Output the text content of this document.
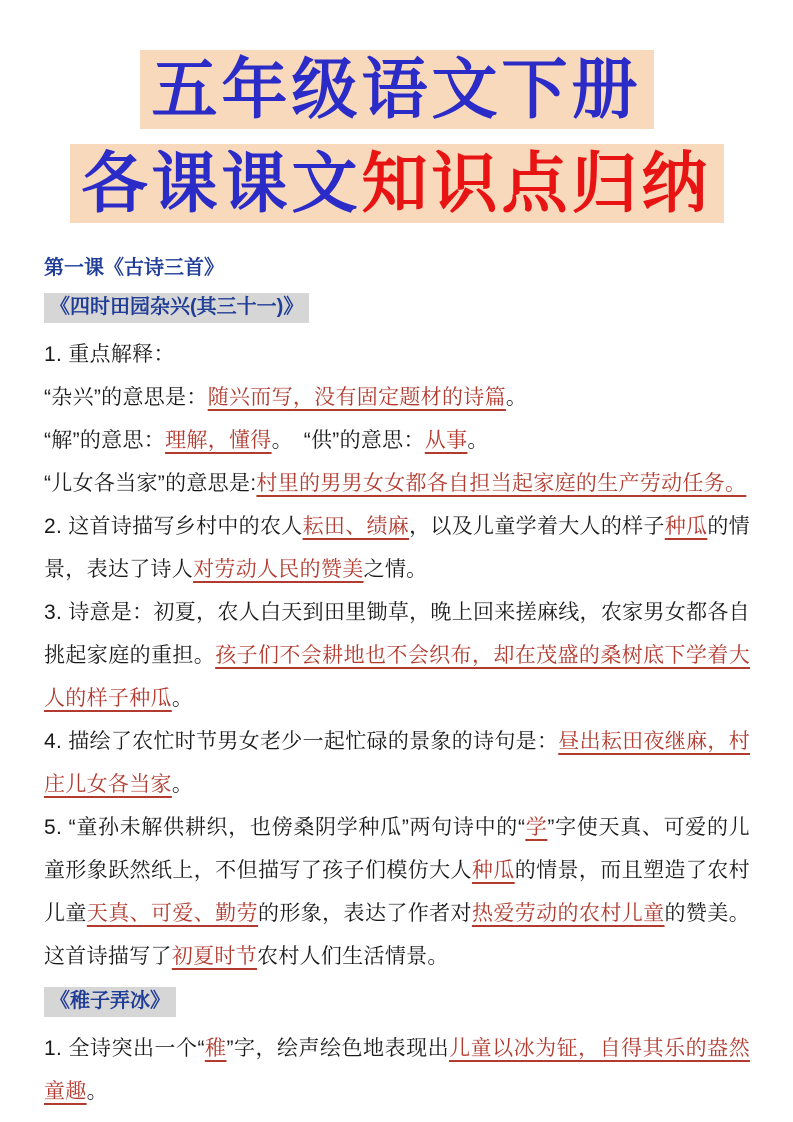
五年级语文下册
各课课文知识点归纳
第一课《古诗三首》
《四时田园杂兴(其三十一)》

1. 重点解释：

“杂兴”的意思是：随兴而写，没有固定题材的诗篇。

“解”的意思：理解，懂得。　“供”的意思：从事。

“儿女各当家”的意思是:村里的男男女女都各自担当起家庭的生产劳动任务。

2. 这首诗描写乡村中的农人耘田、绩麻，以及儿童学着大人的样子种瓜的情景，表达了诗人对劳动人民的赞美之情。

3. 诗意是：初夏，农人白天到田里锄草，晚上回来搓麻线，农家男女都各自挑起家庭的重担。孩子们不会耕地也不会织布，却在茂盛的桑树底下学着大人的样子种瓜。

4. 描绘了农忙时节男女老少一起忙碌的景象的诗句是：昼出耘田夜继麻，村庄儿女各当家。

5. “童孙未解供耕织，也傍桑阴学种瓜”两句诗中的“学”字使天真、可爱的儿童形象跃然纸上，不但描写了孩子们模仿大人种瓜的情景，而且塑造了农村儿童天真、可爱、勤劳的形象，表达了作者对热爱劳动的农村儿童的赞美。这首诗描写了初夏时节农村人们生活情景。

《稚子弄冰》

1. 全诗突出一个“稚”字，绘声绘色地表现出儿童以冰为钲，自得其乐的盎然童趣。
